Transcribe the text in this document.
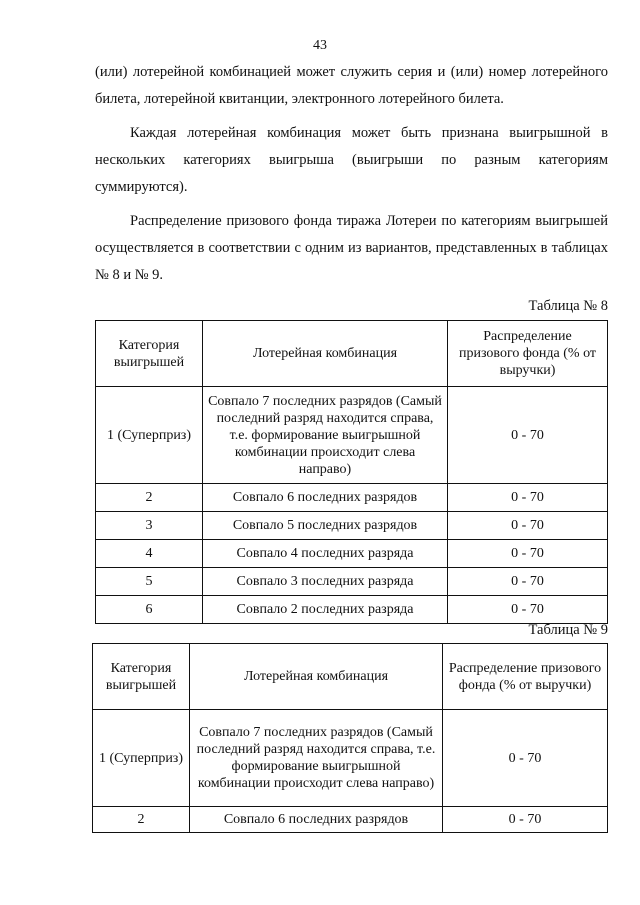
43

(или) лотерейной комбинацией может служить серия и (или) номер лотерейного билета, лотерейной квитанции, электронного лотерейного билета.

Каждая лотерейная комбинация может быть признана выигрышной в нескольких категориях выигрыша (выигрыши по разным категориям суммируются).

Распределение призового фонда тиража Лотереи по категориям выигрышей осуществляется в соответствии с одним из вариантов, представленных в таблицах № 8 и № 9.

Таблица № 8

Категория выигрышей	Лотерейная комбинация	Распределение призового фонда (% от выручки)
1 (Суперприз)	Совпало 7 последних разрядов (Самый последний разряд находится справа, т.е. формирование выигрышной комбинации происходит слева направо)	0 - 70
2	Совпало 6 последних разрядов	0 - 70
3	Совпало 5 последних разрядов	0 - 70
4	Совпало 4 последних разряда	0 - 70
5	Совпало 3 последних разряда	0 - 70
6	Совпало 2 последних разряда	0 - 70

Таблица № 9

Категория выигрышей	Лотерейная комбинация	Распределение призового фонда (% от выручки)
1 (Суперприз)	Совпало 7 последних разрядов (Самый последний разряд находится справа, т.е. формирование выигрышной комбинации происходит слева направо)	0 - 70
2	Совпало 6 последних разрядов	0 - 70
